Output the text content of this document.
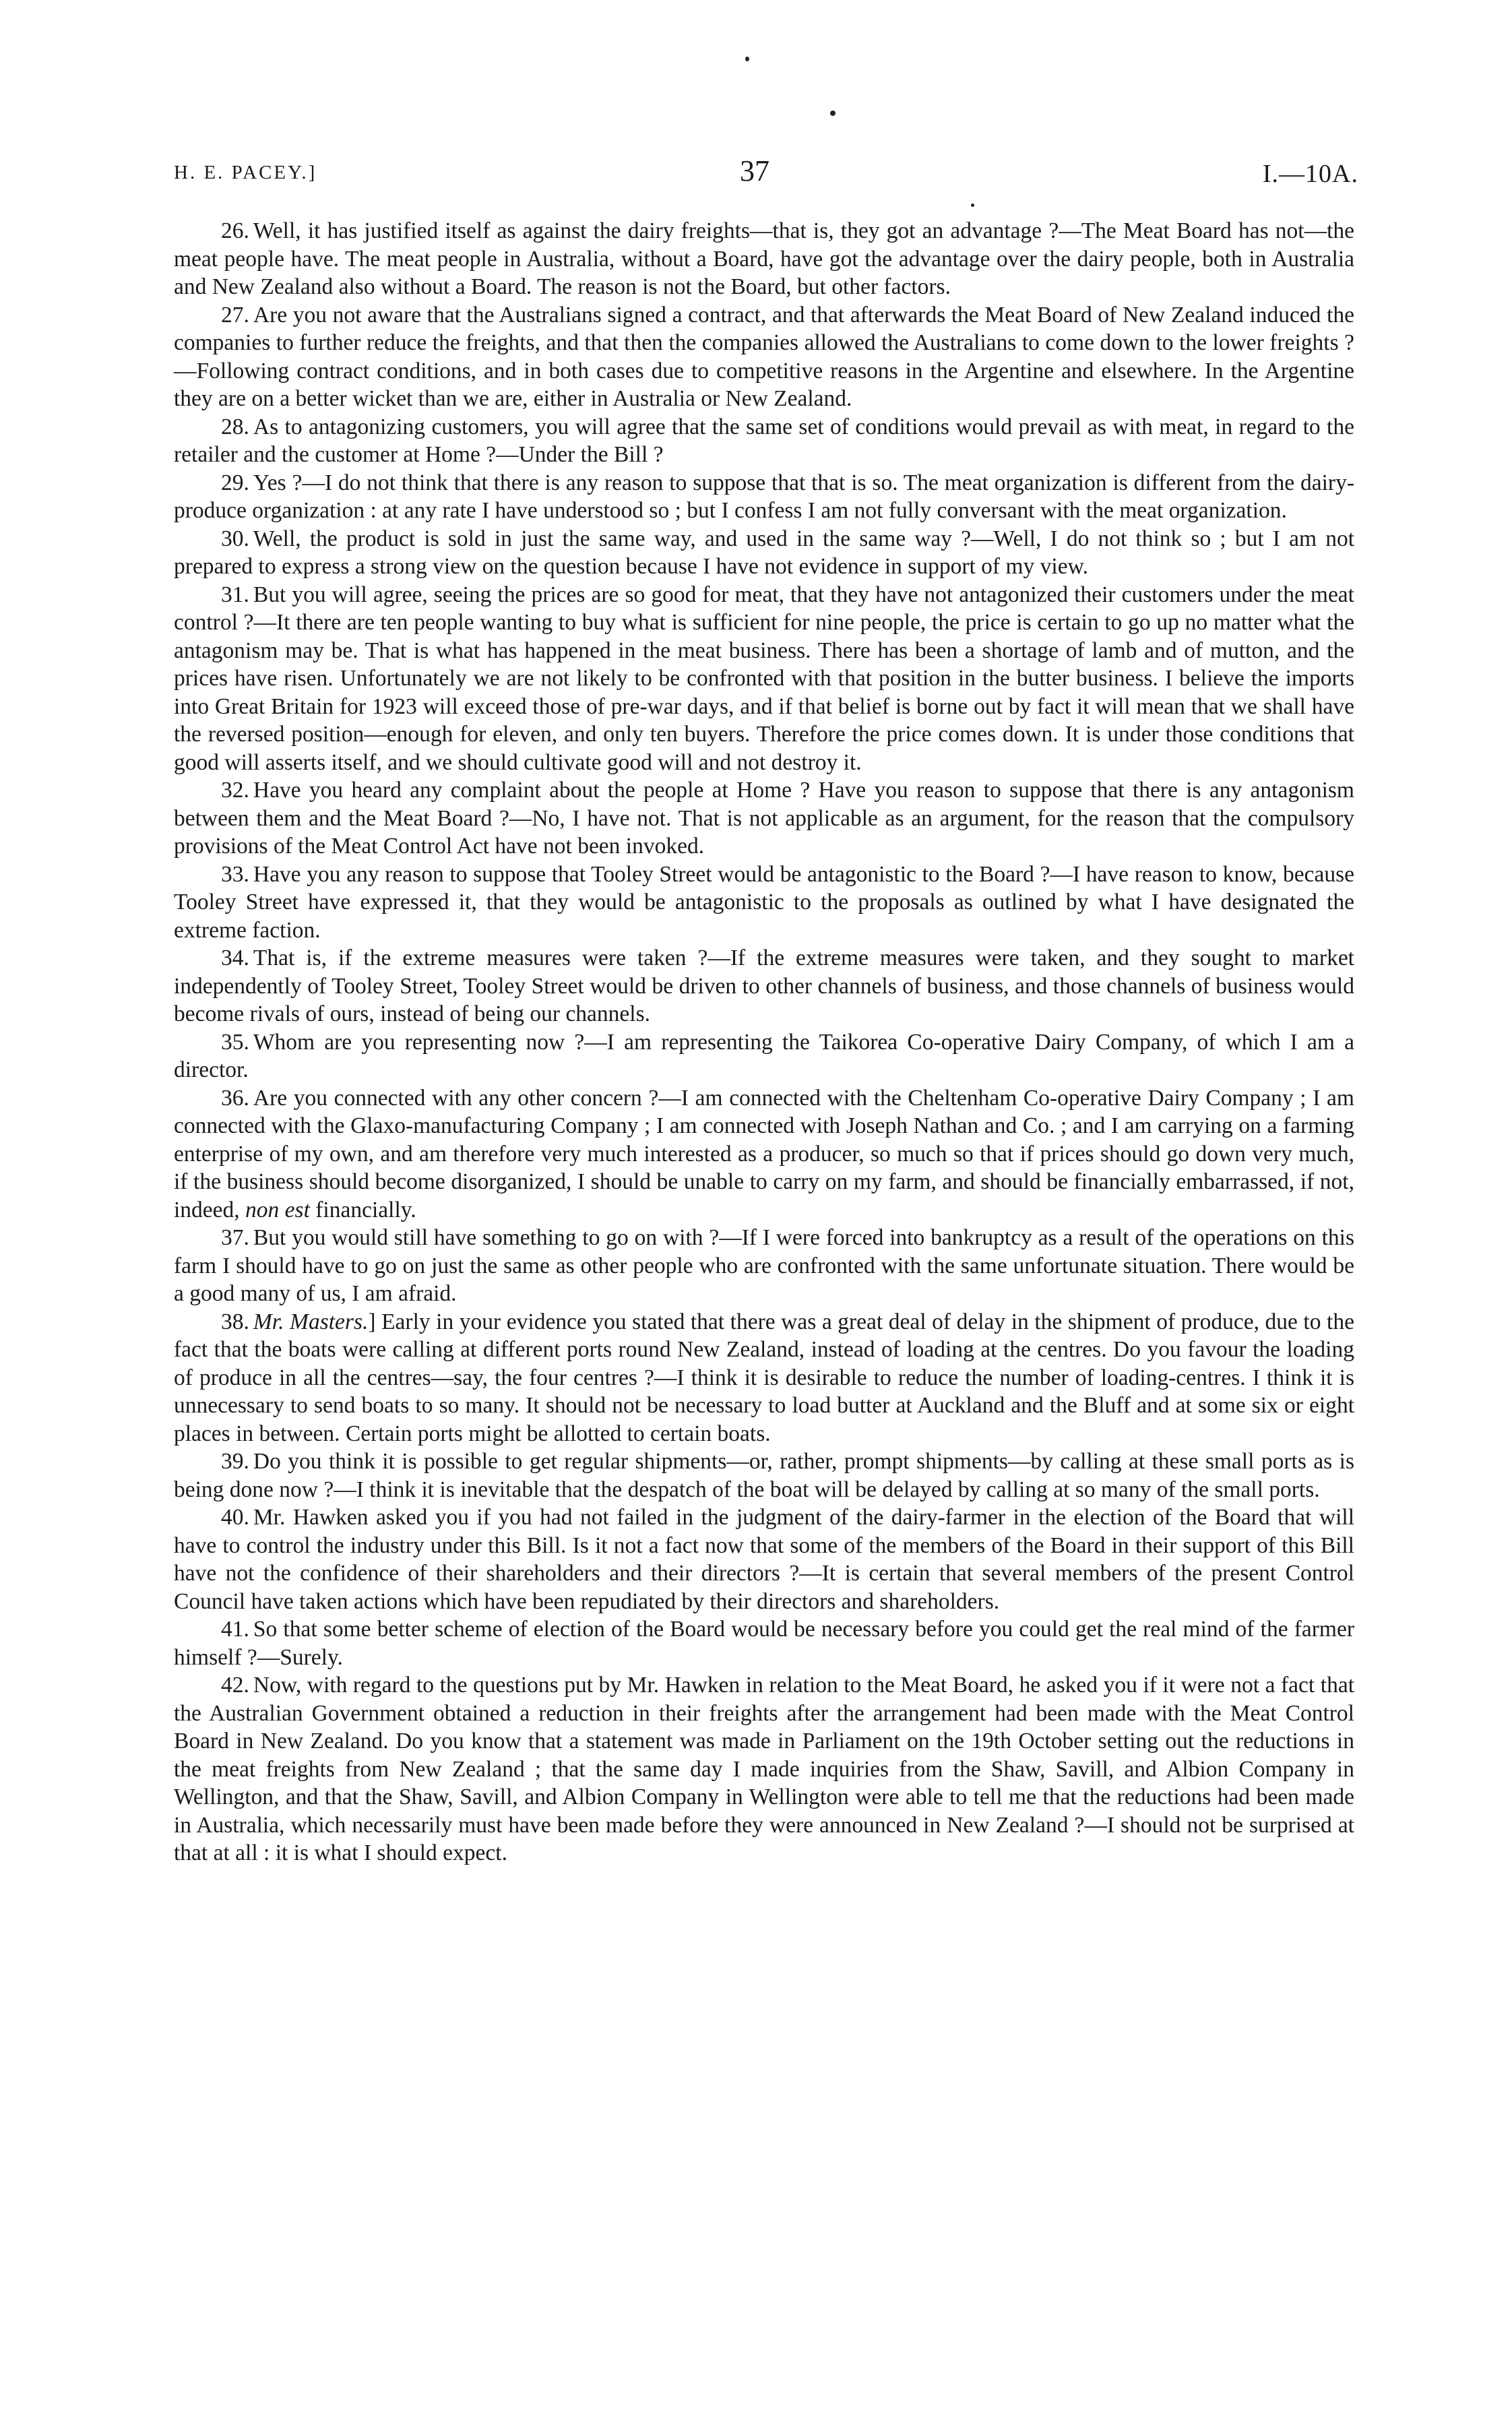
H. E. PACEY.]	37	I.—10A.

26. Well, it has justified itself as against the dairy freights—that is, they got an advantage ?—The Meat Board has not—the meat people have. The meat people in Australia, without a Board, have got the advantage over the dairy people, both in Australia and New Zealand also without a Board. The reason is not the Board, but other factors.

27. Are you not aware that the Australians signed a contract, and that afterwards the Meat Board of New Zealand induced the companies to further reduce the freights, and that then the companies allowed the Australians to come down to the lower freights ?—Following contract conditions, and in both cases due to competitive reasons in the Argentine and elsewhere. In the Argentine they are on a better wicket than we are, either in Australia or New Zealand.

28. As to antagonizing customers, you will agree that the same set of conditions would prevail as with meat, in regard to the retailer and the customer at Home ?—Under the Bill ?

29. Yes ?—I do not think that there is any reason to suppose that that is so. The meat organization is different from the dairy-produce organization : at any rate I have understood so ; but I confess I am not fully conversant with the meat organization.

30. Well, the product is sold in just the same way, and used in the same way ?—Well, I do not think so ; but I am not prepared to express a strong view on the question because I have not evidence in support of my view.

31. But you will agree, seeing the prices are so good for meat, that they have not antagonized their customers under the meat control ?—It there are ten people wanting to buy what is sufficient for nine people, the price is certain to go up no matter what the antagonism may be. That is what has happened in the meat business. There has been a shortage of lamb and of mutton, and the prices have risen. Unfortunately we are not likely to be confronted with that position in the butter business. I believe the imports into Great Britain for 1923 will exceed those of pre-war days, and if that belief is borne out by fact it will mean that we shall have the reversed position—enough for eleven, and only ten buyers. Therefore the price comes down. It is under those conditions that good will asserts itself, and we should cultivate good will and not destroy it.

32. Have you heard any complaint about the people at Home ? Have you reason to suppose that there is any antagonism between them and the Meat Board ?—No, I have not. That is not applicable as an argument, for the reason that the compulsory provisions of the Meat Control Act have not been invoked.

33. Have you any reason to suppose that Tooley Street would be antagonistic to the Board ?—I have reason to know, because Tooley Street have expressed it, that they would be antagonistic to the proposals as outlined by what I have designated the extreme faction.

34. That is, if the extreme measures were taken ?—If the extreme measures were taken, and they sought to market independently of Tooley Street, Tooley Street would be driven to other channels of business, and those channels of business would become rivals of ours, instead of being our channels.

35. Whom are you representing now ?—I am representing the Taikorea Co-operative Dairy Company, of which I am a director.

36. Are you connected with any other concern ?—I am connected with the Cheltenham Co-operative Dairy Company ; I am connected with the Glaxo-manufacturing Company ; I am connected with Joseph Nathan and Co. ; and I am carrying on a farming enterprise of my own, and am therefore very much interested as a producer, so much so that if prices should go down very much, if the business should become disorganized, I should be unable to carry on my farm, and should be financially embarrassed, if not, indeed, non est financially.

37. But you would still have something to go on with ?—If I were forced into bankruptcy as a result of the operations on this farm I should have to go on just the same as other people who are confronted with the same unfortunate situation. There would be a good many of us, I am afraid.

38. Mr. Masters.] Early in your evidence you stated that there was a great deal of delay in the shipment of produce, due to the fact that the boats were calling at different ports round New Zealand, instead of loading at the centres. Do you favour the loading of produce in all the centres—say, the four centres ?—I think it is desirable to reduce the number of loading-centres. I think it is unnecessary to send boats to so many. It should not be necessary to load butter at Auckland and the Bluff and at some six or eight places in between. Certain ports might be allotted to certain boats.

39. Do you think it is possible to get regular shipments—or, rather, prompt shipments—by calling at these small ports as is being done now ?—I think it is inevitable that the despatch of the boat will be delayed by calling at so many of the small ports.

40. Mr. Hawken asked you if you had not failed in the judgment of the dairy-farmer in the election of the Board that will have to control the industry under this Bill. Is it not a fact now that some of the members of the Board in their support of this Bill have not the confidence of their shareholders and their directors ?—It is certain that several members of the present Control Council have taken actions which have been repudiated by their directors and shareholders.

41. So that some better scheme of election of the Board would be necessary before you could get the real mind of the farmer himself ?—Surely.

42. Now, with regard to the questions put by Mr. Hawken in relation to the Meat Board, he asked you if it were not a fact that the Australian Government obtained a reduction in their freights after the arrangement had been made with the Meat Control Board in New Zealand. Do you know that a statement was made in Parliament on the 19th October setting out the reductions in the meat freights from New Zealand ; that the same day I made inquiries from the Shaw, Savill, and Albion Company in Wellington, and that the Shaw, Savill, and Albion Company in Wellington were able to tell me that the reductions had been made in Australia, which necessarily must have been made before they were announced in New Zealand ?—I should not be surprised at that at all : it is what I should expect.
